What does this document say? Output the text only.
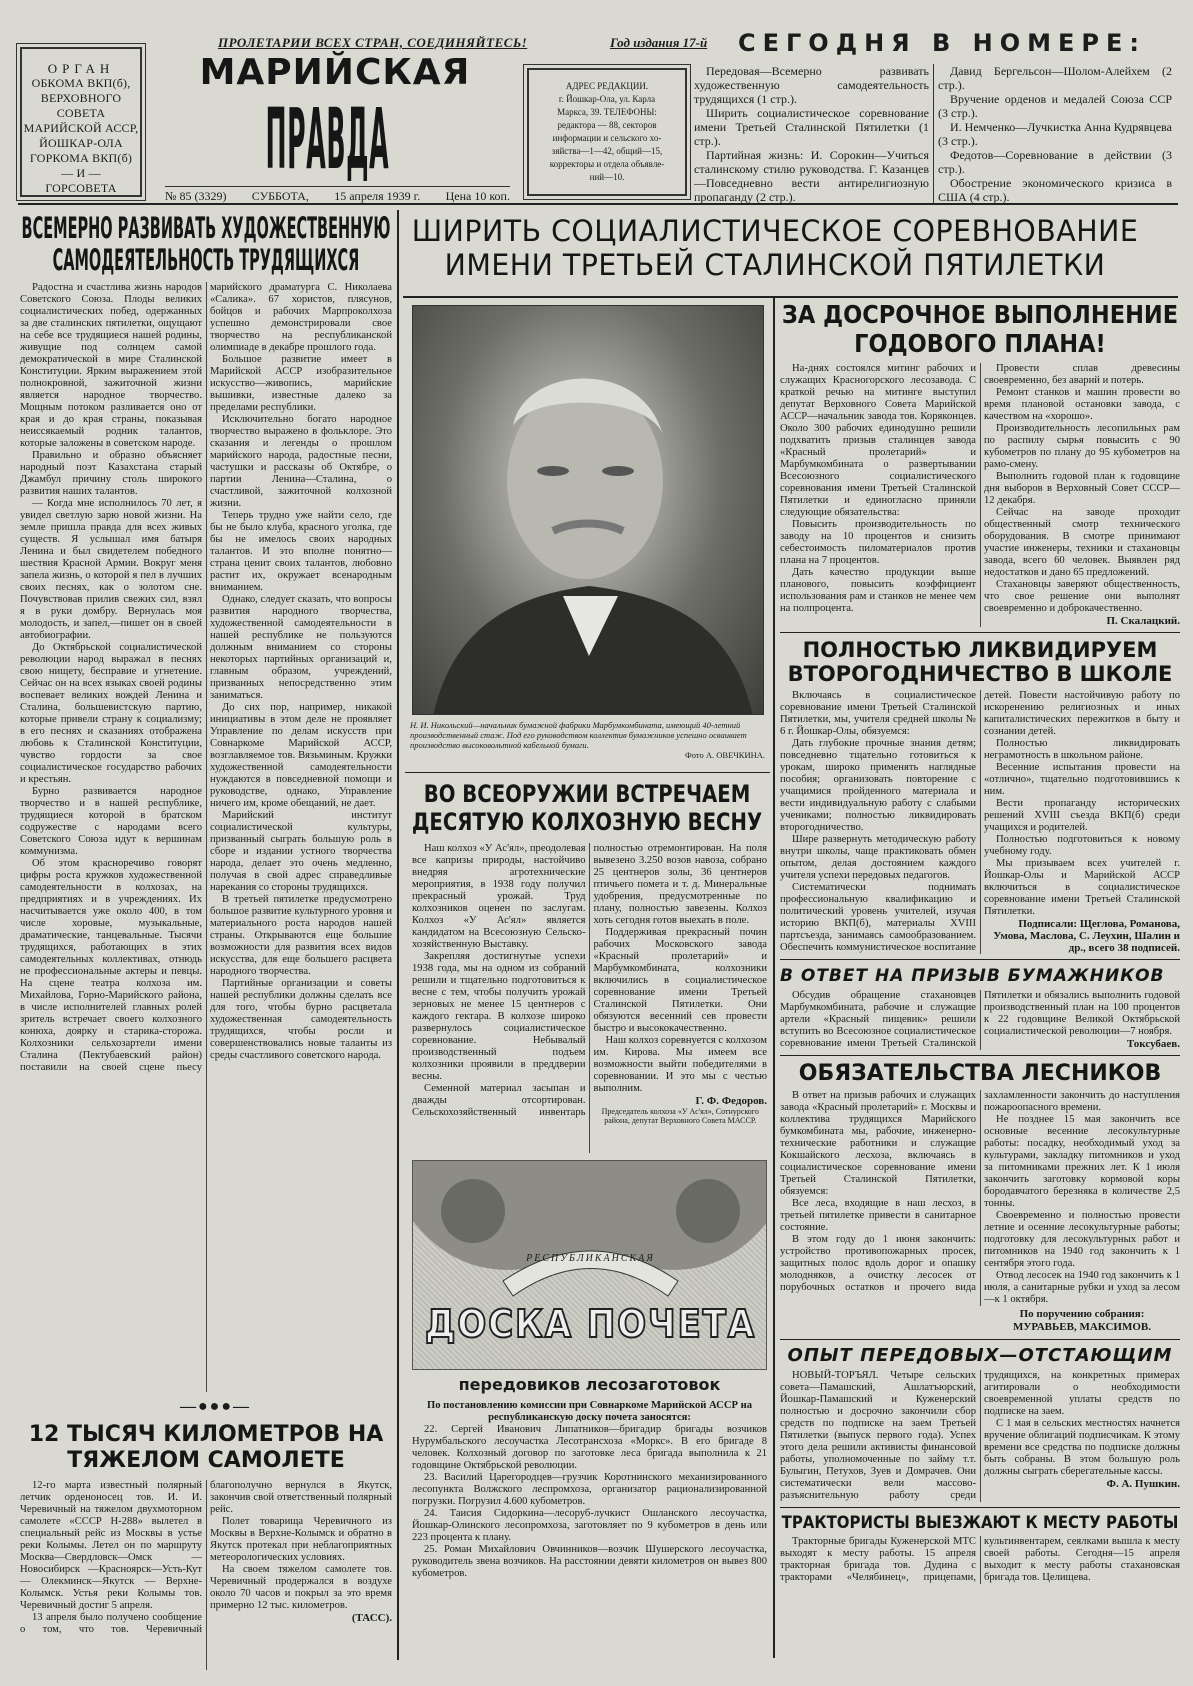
ОРГАН
ОБКОМА ВКП(б),
ВЕРХОВНОГО
СОВЕТА
МАРИЙСКОЙ АССР,
ЙОШКАР-ОЛА
ГОРКОМА ВКП(б)
— И —
ГОРСОВЕТА
ПРОЛЕТАРИИ ВСЕХ СТРАН, СОЕДИНЯЙТЕСЬ!
МАРИЙСКАЯ
ПРАВДА
№ 85 (3329) СУББОТА, 15 апреля 1939 г. Цена 10 коп.
Год издания 17-й
АДРЕС РЕДАКЦИИ.
г. Йошкар-Ола, ул. Карла
Маркса, 39. ТЕЛЕФОНЫ:
редактора — 88, секторов
информации и сельского хо-
зяйства—1—42, общий—15,
корректоры и отдела объявле-
ний—10.
СЕГОДНЯ В НОМЕРЕ:

Передовая—Всемерно развивать художественную самодеятельность трудящихся (1 стр.).

Ширить социалистическое соревнование имени Третьей Сталинской Пятилетки (1 стр.).

Партийная жизнь: И. Сорокин—Учиться сталинскому стилю руководства. Г. Казанцев—Повседневно вести антирелигиозную пропаганду (2 стр.).

Давид Бергельсон—Шолом-Алейхем (2 стр.).

Вручение орденов и медалей Союза ССР (3 стр.).

И. Немченко—Лучкистка Анна Кудрявцева (3 стр.).

Федотов—Соревнование в действии (3 стр.).

Обострение экономического кризиса в США (4 стр.).

ВСЕМЕРНО РАЗВИВАТЬ ХУДОЖЕСТВЕННУЮ САМОДЕЯТЕЛЬНОСТЬ ТРУДЯЩИХСЯ

Радостна и счастлива жизнь народов Советского Союза. Плоды великих социалистических побед, одержанных за две сталинских пятилетки, ощущают на себе все трудящиеся нашей родины, живущие под солнцем самой демократической в мире Сталинской Конституции. Ярким выражением этой полнокровной, зажиточной жизни является народное творчество. Мощным потоком разливается оно от края и до края страны, показывая неиссякаемый родник талантов, которые заложены в советском народе.

Правильно и образно объясняет народный поэт Казахстана старый Джамбул причину столь широкого развития наших талантов.

— Когда мне исполнилось 70 лет, я увидел светлую зарю новой жизни. На земле пришла правда для всех живых существ. Я услышал имя батыря Ленина и был свидетелем победного шествия Красной Армии. Вокруг меня запела жизнь, о которой я пел в лучших своих песнях, как о золотом сне. Почувствовав прилив свежих сил, взял я в руки домбру. Вернулась моя молодость, и запел,—пишет он в своей автобиографии.

До Октябрьской социалистической революции народ выражал в песнях свою нищету, бесправие и угнетение. Сейчас он на всех языках своей родины воспевает великих вождей Ленина и Сталина, большевистскую партию, которые привели страну к социализму; в его песнях и сказаниях отображена любовь к Сталинской Конституции, чувство гордости за свое социалистическое государство рабочих и крестьян.

Бурно развивается народное творчество и в нашей республике, трудящиеся которой в братском содружестве с народами всего Советского Союза идут к вершинам коммунизма.

Об этом красноречиво говорят цифры роста кружков художественной самодеятельности в колхозах, на предприятиях и в учреждениях. Их насчитывается уже около 400, в том числе хоровые, музыкальные, драматические, танцевальные. Тысячи трудящихся, работающих в этих самодеятельных коллективах, отнюдь не профессиональные актеры и певцы. На сцене театра колхоза им. Михайлова, Горно-Марийского района, в числе исполнителей главных ролей зритель встречает своего колхозного конюха, доярку и старика-сторожа. Колхозники сельхозартели имени Сталина (Пектубаевский район) поставили на своей сцене пьесу марийского драматурга С. Николаева «Салика». 67 хористов, плясунов, бойцов и рабочих Марпроколхоза успешно демонстрировали свое творчество на республиканской олимпиаде в декабре прошлого года.

Большое развитие имеет в Марийской АССР изобразительное искусство—живопись, марийские вышивки, известные далеко за пределами республики.

Исключительно богато народное творчество выражено в фольклоре. Это сказания и легенды о прошлом марийского народа, радостные песни, частушки и рассказы об Октябре, о партии Ленина—Сталина, о счастливой, зажиточной колхозной жизни.

Теперь трудно уже найти село, где бы не было клуба, красного уголка, где бы не имелось своих народных талантов. И это вполне понятно—страна ценит своих талантов, любовно растит их, окружает всенародным вниманием.

Однако, следует сказать, что вопросы развития народного творчества, художественной самодеятельности в нашей республике не пользуются должным вниманием со стороны некоторых партийных организаций и, главным образом, учреждений, призванных непосредственно этим заниматься.

До сих пор, например, никакой инициативы в этом деле не проявляет Управление по делам искусств при Совнаркоме Марийской АССР, возглавляемое тов. Вязьминым. Кружки художественной самодеятельности нуждаются в повседневной помощи и руководстве, однако, Управление ничего им, кроме обещаний, не дает.

Марийский институт социалистической культуры, призванный сыграть большую роль в сборе и издании устного творчества народа, делает это очень медленно, получая в свой адрес справедливые нарекания со стороны трудящихся.

В третьей пятилетке предусмотрено большое развитие культурного уровня и материального роста народов нашей страны. Открываются еще большие возможности для развития всех видов искусства, для еще большего расцвета народного творчества.

Партийные организации и советы нашей республики должны сделать все для того, чтобы бурно расцветала художественная самодеятельность трудящихся, чтобы росли и совершенствовались новые таланты из среды счастливого советского народа.

—●●●—
12 ТЫСЯЧ КИЛОМЕТРОВ НА ТЯЖЕЛОМ САМОЛЕТЕ

12-го марта известный полярный летчик орденоносец тов. И. И. Черевичный на тяжелом двухмоторном самолете «СССР Н-288» вылетел в специальный рейс из Москвы в устье реки Колымы. Летел он по маршруту Москва—Свердловск—Омск — Новосибирск —Красноярск—Усть-Кут — Олекминск—Якутск — Верхне-Колымск. Устья реки Колымы тов. Черевичный достиг 5 апреля.

13 апреля было получено сообщение о том, что тов. Черевичный благополучно вернулся в Якутск, закончив свой ответственный полярный рейс.

Полет товарища Черевичного из Москвы в Верхне-Колымск и обратно в Якутск протекал при неблагоприятных метеорологических условиях.

На своем тяжелом самолете тов. Черевичный продержался в воздухе около 70 часов и покрыл за это время примерно 12 тыс. километров.

(ТАСС).
ШИРИТЬ СОЦИАЛИСТИЧЕСКОЕ СОРЕВНОВАНИЕ ИМЕНИ ТРЕТЬЕЙ СТАЛИНСКОЙ ПЯТИЛЕТКИ
Н. И. Никольский—начальник бумажной фабрики Марбумкомбината, имеющий 40-летний производственный стаж. Под его руководством коллектив бумажников успешно осваивает производство высоковольтной кабельной бумаги.
Фото А. ОВЕЧКИНА.
ВО ВСЕОРУЖИИ ВСТРЕЧАЕМ ДЕСЯТУЮ КОЛХОЗНУЮ ВЕСНУ

Наш колхоз «У Ас'ял», преодолевая все капризы природы, настойчиво внедряя агротехнические мероприятия, в 1938 году получил прекрасный урожай. Труд колхозников оценен по заслугам. Колхоз «У Ас'ял» является кандидатом на Всесоюзную Сельско-хозяйственную Выставку.

Закрепляя достигнутые успехи 1938 года, мы на одном из собраний решили и тщательно подготовиться к весне с тем, чтобы получить урожай зерновых не менее 15 центнеров с каждого гектара. В колхозе широко развернулось социалистическое соревнование. Небывалый производственный подъем колхозники проявили в преддверии весны.

Семенной материал засыпан и дважды отсортирован. Сельскохозяйственный инвентарь полностью отремонтирован. На поля вывезено 3.250 возов навоза, собрано 25 центнеров золы, 36 центнеров птичьего помета и т. д. Минеральные удобрения, предусмотренные по плану, полностью завезены. Колхоз хоть сегодня готов выехать в поле.

Поддерживая прекрасный почин рабочих Московского завода «Красный пролетарий» и Марбумкомбината, колхозники включились в социалистическое соревнование имени Третьей Сталинской Пятилетки. Они обязуются весенний сев провести быстро и высококачественно.

Наш колхоз соревнуется с колхозом им. Кирова. Мы имеем все возможности выйти победителями в соревновании. И это мы с честью выполним.

Г. Ф. Федоров.
Председатель колхоза «У Ас'ял», Сотнурского района, депутат Верховного Совета МАССР.
РЕСПУБЛИКАНСКАЯ
ДОСКА ПОЧЕТА
передовиков лесозаготовок

По постановлению комиссии при Совнаркоме Марийской АССР на республиканскую доску почета заносятся:

22. Сергей Иванович Липатников—бригадир бригады возчиков Нурумбальского лесоучастка Лесотрансхоза «Моркс». В его бригаде 8 человек. Колхозный договор по заготовке леса бригада выполнила к 21 годовщине Октябрьской революции.

23. Василий Царегородцев—грузчик Коротнинского механизированного лесопункта Волжского леспромхоза, организатор рационализированной погрузки. Погрузил 4.600 кубометров.

24. Таисия Сидоркина—лесоруб-лучкист Ошланского лесоучастка, Йошкар-Олинского лесопромхоза, заготовляет по 9 кубометров в день или 223 процента к плану.

25. Роман Михайлович Овчинников—возчик Шушерского лесоучастка, руководитель звена возчиков. На расстоянии девяти километров он вывез 800 кубометров.

ЗА ДОСРОЧНОЕ ВЫПОЛНЕНИЕ ГОДОВОГО ПЛАНА!

На-днях состоялся митинг рабочих и служащих Красногорского лесозавода. С краткой речью на митинге выступил депутат Верховного Совета Марийской АССР—начальник завода тов. Коряконцев. Около 300 рабочих единодушно решили подхватить призыв сталинцев завода «Красный пролетарий» и Марбумкомбината о развертывании Всесоюзного социалистического соревнования имени Третьей Сталинской Пятилетки и единогласно приняли следующие обязательства:

Повысить производительность по заводу на 10 процентов и снизить себестоимость пиломатериалов против плана на 7 процентов.

Дать качество продукции выше планового, повысить коэффициент использования рам и станков не менее чем на полпроцента.

Провести сплав древесины своевременно, без аварий и потерь.

Ремонт станков и машин провести во время плановой остановки завода, с качеством на «хорошо».

Производительность лесопильных рам по распилу сырья повысить с 90 кубометров по плану до 95 кубометров на рамо-смену.

Выполнить годовой план к годовщине дня выборов в Верховный Совет СССР—12 декабря.

Сейчас на заводе проходит общественный смотр технического оборудования. В смотре принимают участие инженеры, техники и стахановцы завода, всего 60 человек. Выявлен ряд недостатков и дано 65 предложений.

Стахановцы заверяют общественность, что свое решение они выполнят своевременно и доброкачественно.

П. Скалацкий.
ПОЛНОСТЬЮ ЛИКВИДИРУЕМ ВТОРОГОДНИЧЕСТВО В ШКОЛЕ

Включаясь в социалистическое соревнование имени Третьей Сталинской Пятилетки, мы, учителя средней школы № 6 г. Йошкар-Олы, обязуемся:

Дать глубокие прочные знания детям; повседневно тщательно готовиться к урокам, широко применять наглядные пособия; организовать повторение с учащимися пройденного материала и вести индивидуальную работу с слабыми учениками; полностью ликвидировать второгодничество.

Шире развернуть методическую работу внутри школы, чаще практиковать обмен опытом, делая достоянием каждого учителя успехи передовых педагогов.

Систематически поднимать профессиональную квалификацию и политический уровень учителей, изучая историю ВКП(б), материалы XVIII партсъезда, занимаясь самообразованием. Обеспечить коммунистическое воспитание детей. Повести настойчивую работу по искоренению религиозных и иных капиталистических пережитков в быту и сознании детей.

Полностью ликвидировать неграмотность в школьном районе.

Весенние испытания провести на «отлично», тщательно подготовившись к ним.

Вести пропаганду исторических решений XVIII съезда ВКП(б) среди учащихся и родителей.

Полностью подготовиться к новому учебному году.

Мы призываем всех учителей г. Йошкар-Олы и Марийской АССР включиться в социалистическое соревнование имени Третьей Сталинской Пятилетки.

Подписали: Щеглова, Романова, Умова, Маслова, С. Леухин, Шалин и др., всего 38 подписей.
В ОТВЕТ НА ПРИЗЫВ БУМАЖНИКОВ

Обсудив обращение стахановцев Марбумкомбината, рабочие и служащие артели «Красный пищевик» решили вступить во Всесоюзное социалистическое соревнование имени Третьей Сталинской Пятилетки и обязались выполнить годовой производственный план на 100 процентов к 22 годовщине Великой Октябрьской социалистической революции—7 ноября.

Токсубаев.
ОБЯЗАТЕЛЬСТВА ЛЕСНИКОВ

В ответ на призыв рабочих и служащих завода «Красный пролетарий» г. Москвы и коллектива трудящихся Марийского бумкомбината мы, рабочие, инженерно-технические работники и служащие Кокшайского лесхоза, включаясь в социалистическое соревнование имени Третьей Сталинской Пятилетки, обязуемся:

Все леса, входящие в наш лесхоз, в третьей пятилетке привести в санитарное состояние.

В этом году до 1 июня закончить: устройство противопожарных просек, защитных полос вдоль дорог и опашку молодняков, а очистку лесосек от порубочных остатков и прочего вида захламленности закончить до наступления пожароопасного времени.

Не позднее 15 мая закончить все основные весенние лесокультурные работы: посадку, необходимый уход за культурами, закладку питомников и уход за питомниками прежних лет. К 1 июля закончить заготовку кормовой коры бородавчатого березняка в количестве 2,5 тонны.

Своевременно и полностью провести летние и осенние лесокультурные работы; подготовку для лесокультурных работ и питомников на 1940 год закончить к 1 сентября этого года.

Отвод лесосек на 1940 год закончить к 1 июля, а санитарные рубки и уход за лесом—к 1 октября.

По поручению собрания:
МУРАВЬЕВ, МАКСИМОВ.
ОПЫТ ПЕРЕДОВЫХ—ОТСТАЮЩИМ

НОВЫЙ-ТОРЪЯЛ. Четыре сельских совета—Памашский, Ашлатъюрский, Йошкар-Памашский и Куженерский полностью и досрочно закончили сбор средств по подписке на заем Третьей Пятилетки (выпуск первого года). Успех этого дела решили активисты финансовой работы, уполномоченные по займу т.т. Булыгин, Петухов, Зуев и Домрачев. Они систематически вели массово-разъяснительную работу среди трудящихся, на конкретных примерах агитировали о необходимости своевременной уплаты средств по подписке на заем.

С 1 мая в сельских местностях начнется вручение облигаций подписчикам. К этому времени все средства по подписке должны быть собраны. В этом большую роль должны сыграть сберегательные кассы.

Ф. А. Пушкин.
ТРАКТОРИСТЫ ВЫЕЗЖАЮТ К МЕСТУ РАБОТЫ

Тракторные бригады Куженерской МТС выходят к месту работы. 15 апреля тракторная бригада тов. Дудина с тракторами «Челябинец», прицепами, культинвентарем, сеялками вышла к месту своей работы. Сегодня—15 апреля выходит к месту работы стахановская бригада тов. Целищева.
